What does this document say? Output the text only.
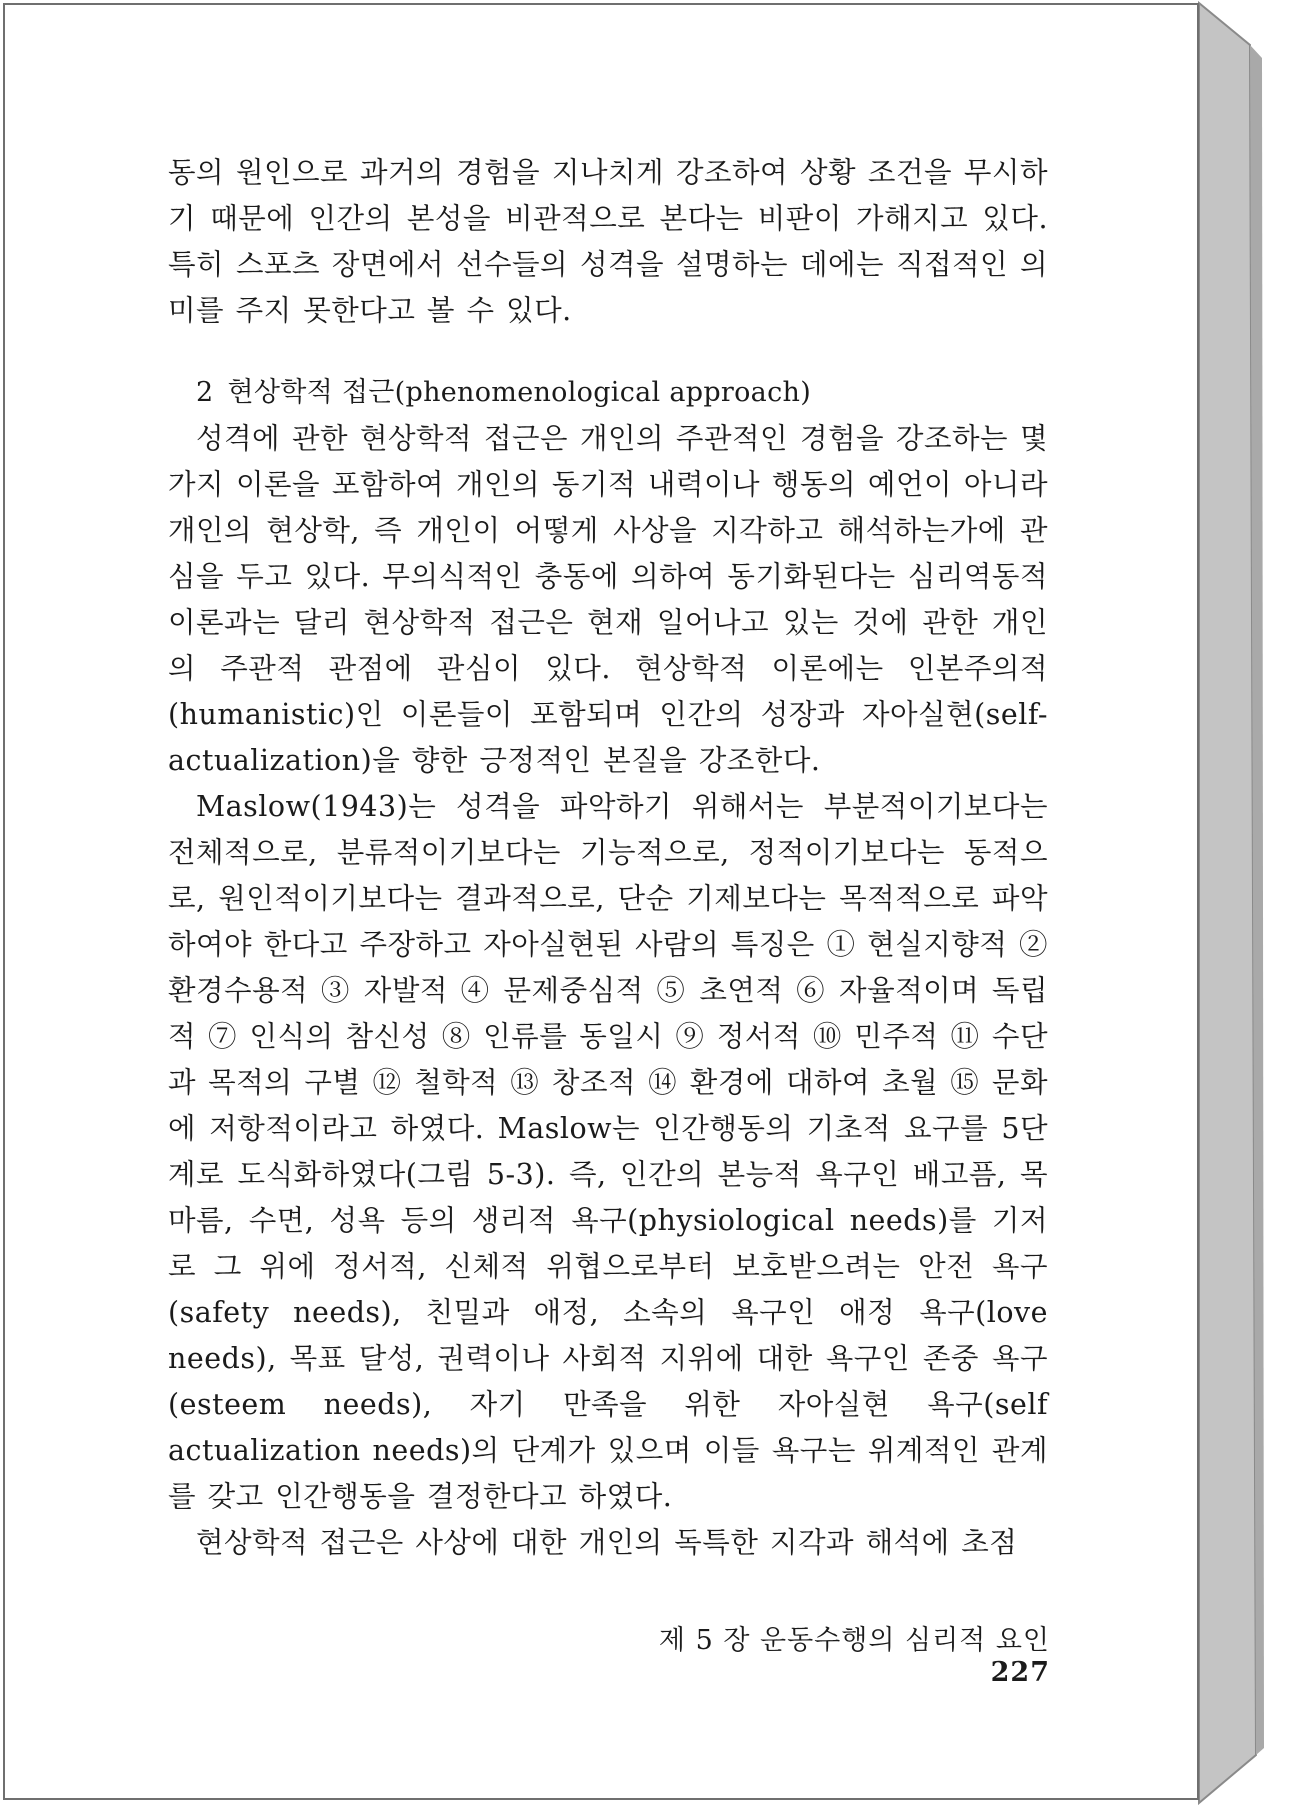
동의 원인으로 과거의 경험을 지나치게 강조하여 상황 조건을 무시하기 때문에 인간의 본성을 비관적으로 본다는 비판이 가해지고 있다. 특히 스포츠 장면에서 선수들의 성격을 설명하는 데에는 직접적인 의미를 주지 못한다고 볼 수 있다.

2 현상학적 접근(phenomenological approach)

성격에 관한 현상학적 접근은 개인의 주관적인 경험을 강조하는 몇 가지 이론을 포함하여 개인의 동기적 내력이나 행동의 예언이 아니라 개인의 현상학, 즉 개인이 어떻게 사상을 지각하고 해석하는가에 관심을 두고 있다. 무의식적인 충동에 의하여 동기화된다는 심리역동적 이론과는 달리 현상학적 접근은 현재 일어나고 있는 것에 관한 개인의 주관적 관점에 관심이 있다. 현상학적 이론에는 인본주의적(humanistic)인 이론들이 포함되며 인간의 성장과 자아실현(self-actualization)을 향한 긍정적인 본질을 강조한다.

Maslow(1943)는 성격을 파악하기 위해서는 부분적이기보다는 전체적으로, 분류적이기보다는 기능적으로, 정적이기보다는 동적으로, 원인적이기보다는 결과적으로, 단순 기제보다는 목적적으로 파악하여야 한다고 주장하고 자아실현된 사람의 특징은 ① 현실지향적 ② 환경수용적 ③ 자발적 ④ 문제중심적 ⑤ 초연적 ⑥ 자율적이며 독립적 ⑦ 인식의 참신성 ⑧ 인류를 동일시 ⑨ 정서적 ⑩ 민주적 ⑪ 수단과 목적의 구별 ⑫ 철학적 ⑬ 창조적 ⑭ 환경에 대하여 초월 ⑮ 문화에 저항적이라고 하였다. Maslow는 인간행동의 기초적 요구를 5단계로 도식화하였다(그림 5-3). 즉, 인간의 본능적 욕구인 배고픔, 목마름, 수면, 성욕 등의 생리적 욕구(physiological needs)를 기저로 그 위에 정서적, 신체적 위협으로부터 보호받으려는 안전 욕구(safety needs), 친밀과 애정, 소속의 욕구인 애정 욕구(love needs), 목표 달성, 권력이나 사회적 지위에 대한 욕구인 존중 욕구(esteem needs), 자기 만족을 위한 자아실현 욕구(self actualization needs)의 단계가 있으며 이들 욕구는 위계적인 관계를 갖고 인간행동을 결정한다고 하였다.

현상학적 접근은 사상에 대한 개인의 독특한 지각과 해석에 초점

제 5 장 운동수행의 심리적 요인227
